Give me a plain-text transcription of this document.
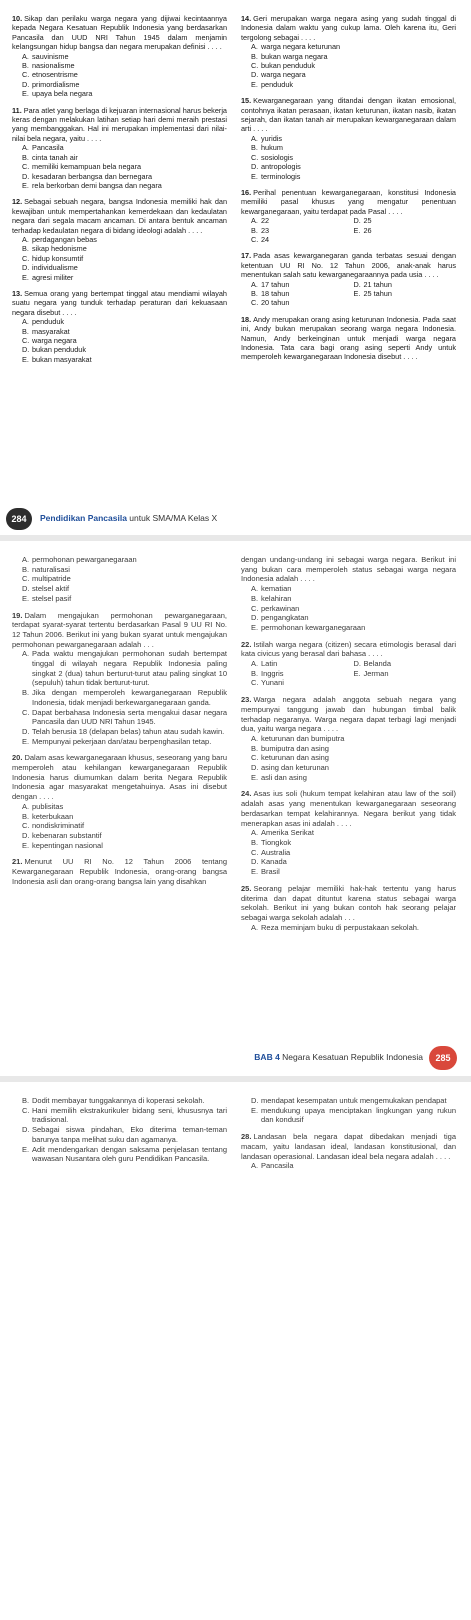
10. Sikap dan perilaku warga negara yang dijiwai kecintaannya kepada Negara Kesatuan Republik Indonesia yang berdasarkan Pancasila dan UUD NRI Tahun 1945 dalam menjamin kelangsungan hidup bangsa dan negara merupakan definisi . . . .
A. sauvinisme
B. nasionalisme
C. etnosentrisme
D. primordialisme
E. upaya bela negara
11. Para atlet yang berlaga di kejuaran internasional harus bekerja keras dengan melakukan latihan setiap hari demi meraih prestasi yang membanggakan. Hal ini merupakan implementasi dari nilai-nilai bela negara, yaitu . . . .
A. Pancasila
B. cinta tanah air
C. memiliki kemampuan bela negara
D. kesadaran berbangsa dan bernegara
E. rela berkorban demi bangsa dan negara
12. Sebagai sebuah negara, bangsa Indonesia memiliki hak dan kewajiban untuk mempertahankan kemerdekaan dan kedaulatan negara dari segala macam ancaman. Di antara bentuk ancaman terhadap kedaulatan negara di bidang ideologi adalah . . . .
A. perdagangan bebas
B. sikap hedonisme
C. hidup konsumtif
D. individualisme
E. agresi militer
13. Semua orang yang bertempat tinggal atau mendiami wilayah suatu negara yang tunduk terhadap peraturan dari kekuasaan negara disebut . . . .
A. penduduk
B. masyarakat
C. warga negara
D. bukan penduduk
E. bukan masyarakat
14. Geri merupakan warga negara asing yang sudah tinggal di Indonesia dalam waktu yang cukup lama. Oleh karena itu, Geri tergolong sebagai . . . .
A. warga negara keturunan
B. bukan warga negara
C. bukan penduduk
D. warga negara
E. penduduk
15. Kewarganegaraan yang ditandai dengan ikatan emosional, contohnya ikatan perasaan, ikatan keturunan, ikatan nasib, ikatan sejarah, dan ikatan tanah air merupakan kewarganegaraan dalam arti . . . .
A. yuridis
B. hukum
C. sosiologis
D. antropologis
E. terminologis
16. Perihal penentuan kewarganegaraan, konstitusi Indonesia memiliki pasal khusus yang mengatur penentuan kewarganegaraan, yaitu terdapat pada Pasal . . . .
A. 22	D. 25
B. 23	E. 26
C. 24
17. Pada asas kewarganegaran ganda terbatas sesuai dengan ketentuan UU RI No. 12 Tahun 2006, anak-anak harus menentukan salah satu kewarganegaraannya pada usia . . . .
A. 17 tahun	D. 21 tahun
B. 18 tahun	E. 25 tahun
C. 20 tahun
18. Andy merupakan orang asing keturunan Indonesia. Pada saat ini, Andy bukan merupakan seorang warga negara Indonesia. Namun, Andy berkeinginan untuk menjadi warga negara Indonesia. Tata cara bagi orang asing seperti Andy untuk memperoleh kewarganegaraan Indonesia disebut . . . .
284	Pendidikan Pancasila untuk SMA/MA Kelas X
A. permohonan pewarganegaraan
B. naturalisasi
C. multipatride
D. stelsel aktif
E. stelsel pasif
19. Dalam mengajukan permohonan pewarganegaraan, terdapat syarat-syarat tertentu berdasarkan Pasal 9 UU RI No. 12 Tahun 2006. Berikut ini yang bukan syarat untuk mengajukan permohonan pewarganegaraan adalah . . .
A. Pada waktu mengajukan permohonan sudah bertempat tinggal di wilayah negara Republik Indonesia paling singkat 2 (dua) tahun berturut-turut atau paling singkat 10 (sepuluh) tahun tidak berturut-turut.
B. Jika dengan memperoleh kewarganegaraan Republik Indonesia, tidak menjadi berkewarganegaraan ganda.
C. Dapat berbahasa Indonesia serta mengakui dasar negara Pancasila dan UUD NRI Tahun 1945.
D. Telah berusia 18 (delapan belas) tahun atau sudah kawin.
E. Mempunyai pekerjaan dan/atau berpenghasilan tetap.
20. Dalam asas kewarganegaraan khusus, seseorang yang baru memperoleh atau kehilangan kewarganegaraan Republik Indonesia harus diumumkan dalam berita Negara Republik Indonesia agar masyarakat mengetahuinya. Asas ini disebut dengan . . . .
A. publisitas
B. keterbukaan
C. nondiskriminatif
D. kebenaran substantif
E. kepentingan nasional
21. Menurut UU RI No. 12 Tahun 2006 tentang Kewarganegaraan Republik Indonesia, orang-orang bangsa Indonesia asli dan orang-orang bangsa lain yang disahkan
dengan undang-undang ini sebagai warga negara. Berikut ini yang bukan cara memperoleh status sebagai warga negara Indonesia adalah . . . .
A. kematian
B. kelahiran
C. perkawinan
D. pengangkatan
E. permohonan kewarganegaraan
22. Istilah warga negara (citizen) secara etimologis berasal dari kata civicus yang berasal dari bahasa . . . .
A. Latin	D. Belanda
B. Inggris	E. Jerman
C. Yunani
23. Warga negara adalah anggota sebuah negara yang mempunyai tanggung jawab dan hubungan timbal balik terhadap negaranya. Warga negara dapat terbagi lagi menjadi dua, yaitu warga negara . . . .
A. keturunan dan bumiputra
B. bumiputra dan asing
C. keturunan dan asing
D. asing dan keturunan
E. asli dan asing
24. Asas ius soli (hukum tempat kelahiran atau law of the soil) adalah asas yang menentukan kewarganegaraan seseorang berdasarkan tempat kelahirannya. Negara berikut yang tidak menerapkan asas ini adalah . . . .
A. Amerika Serikat
B. Tiongkok
C. Australia
D. Kanada
E. Brasil
25. Seorang pelajar memiliki hak-hak tertentu yang harus diterima dan dapat dituntut karena status sebagai warga sekolah. Berikut ini yang bukan contoh hak seorang pelajar sebagai warga sekolah adalah . . .
A. Reza meminjam buku di perpustakaan sekolah.
BAB 4 Negara Kesatuan Republik Indonesia	285
B. Dodit membayar tunggakannya di koperasi sekolah.
C. Hani memilih ekstrakurikuler bidang seni, khususnya tari tradisional.
D. Sebagai siswa pindahan, Eko diterima teman-teman barunya tanpa melihat suku dan agamanya.
E. Adit mendengarkan dengan saksama penjelasan tentang wawasan Nusantara oleh guru Pendidikan Pancasila.
D. mendapat kesempatan untuk mengemukakan pendapat
E. mendukung upaya menciptakan lingkungan yang rukun dan kondusif
28. Landasan bela negara dapat dibedakan menjadi tiga macam, yaitu landasan ideal, landasan konstitusional, dan landasan operasional. Landasan ideal bela negara adalah . . . .
A. Pancasila
